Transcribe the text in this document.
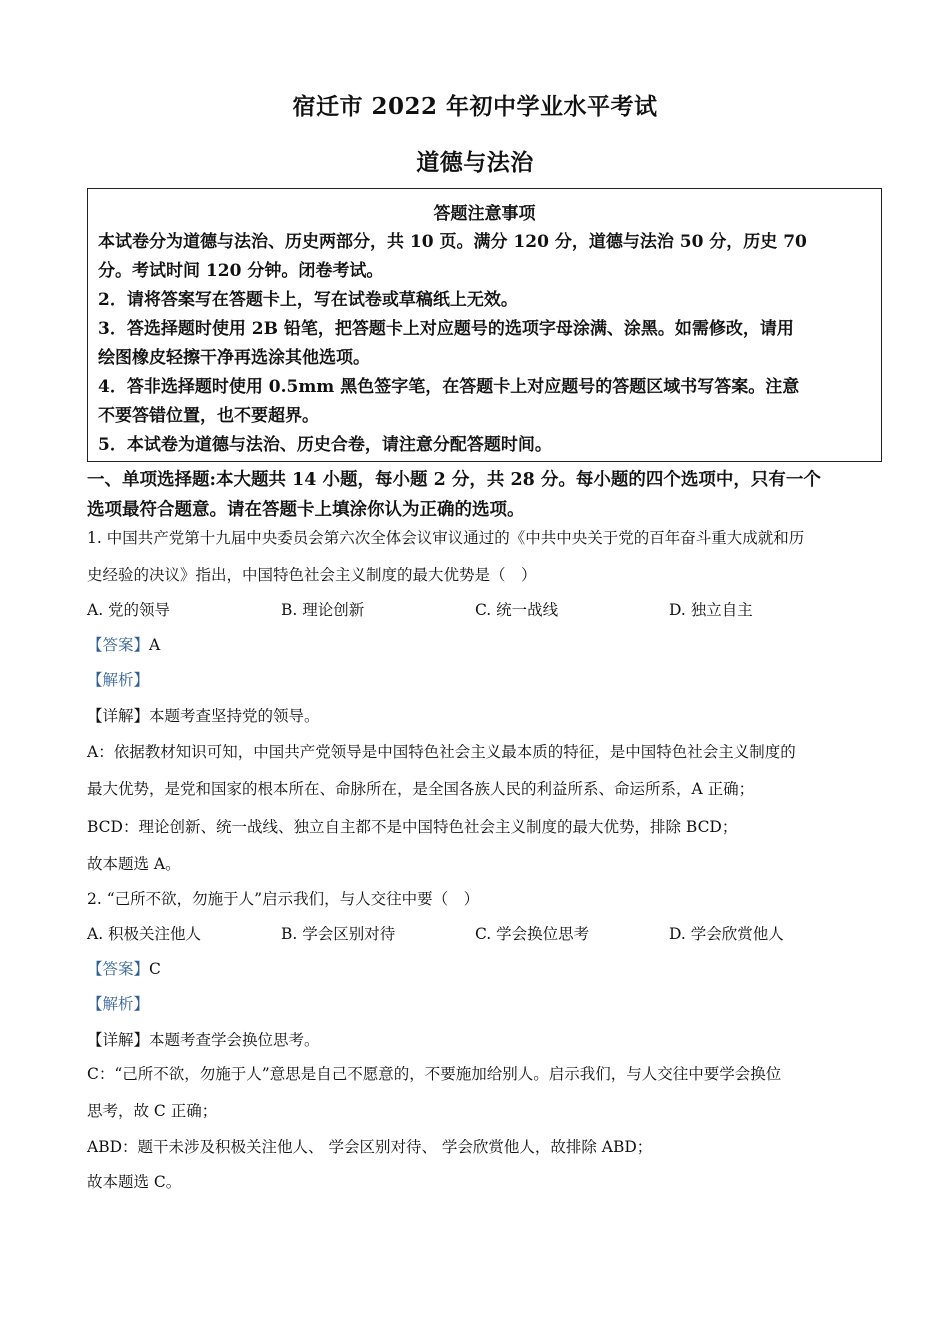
宿迁市 2022 年初中学业水平考试
道德与法治
答题注意事项
本试卷分为道德与法治、历史两部分，共 10 页。满分 120 分，道德与法治 50 分，历史 70
分。考试时间 120 分钟。闭卷考试。
2．请将答案写在答题卡上，写在试卷或草稿纸上无效。
3．答选择题时使用 2B 铅笔，把答题卡上对应题号的选项字母涂满、涂黑。如需修改，请用
绘图橡皮轻擦干净再选涂其他选项。
4．答非选择题时使用 0.5mm 黑色签字笔，在答题卡上对应题号的答题区域书写答案。注意
不要答错位置，也不要超界。
5．本试卷为道德与法治、历史合卷，请注意分配答题时间。
一、单项选择题:本大题共 14 小题，每小题 2 分，共 28 分。每小题的四个选项中，只有一个
选项最符合题意。请在答题卡上填涂你认为正确的选项。
1. 中国共产党第十九届中央委员会第六次全体会议审议通过的《中共中央关于党的百年奋斗重大成就和历
史经验的决议》指出，中国特色社会主义制度的最大优势是（　）
A. 党的领导	B. 理论创新	C. 统一战线	D. 独立自主
【答案】A
【解析】
【详解】本题考查坚持党的领导。
A：依据教材知识可知，中国共产党领导是中国特色社会主义最本质的特征，是中国特色社会主义制度的
最大优势，是党和国家的根本所在、命脉所在，是全国各族人民的利益所系、命运所系，A 正确；
BCD：理论创新、统一战线、独立自主都不是中国特色社会主义制度的最大优势，排除 BCD；
故本题选 A。
2. “己所不欲，勿施于人”启示我们，与人交往中要（　）
A. 积极关注他人	B. 学会区别对待	C. 学会换位思考	D. 学会欣赏他人
【答案】C
【解析】
【详解】本题考查学会换位思考。
C：“己所不欲，勿施于人”意思是自己不愿意的，不要施加给别人。启示我们，与人交往中要学会换位
思考，故 C 正确；
ABD：题干未涉及积极关注他人、 学会区别对待、 学会欣赏他人，故排除 ABD；
故本题选 C。
